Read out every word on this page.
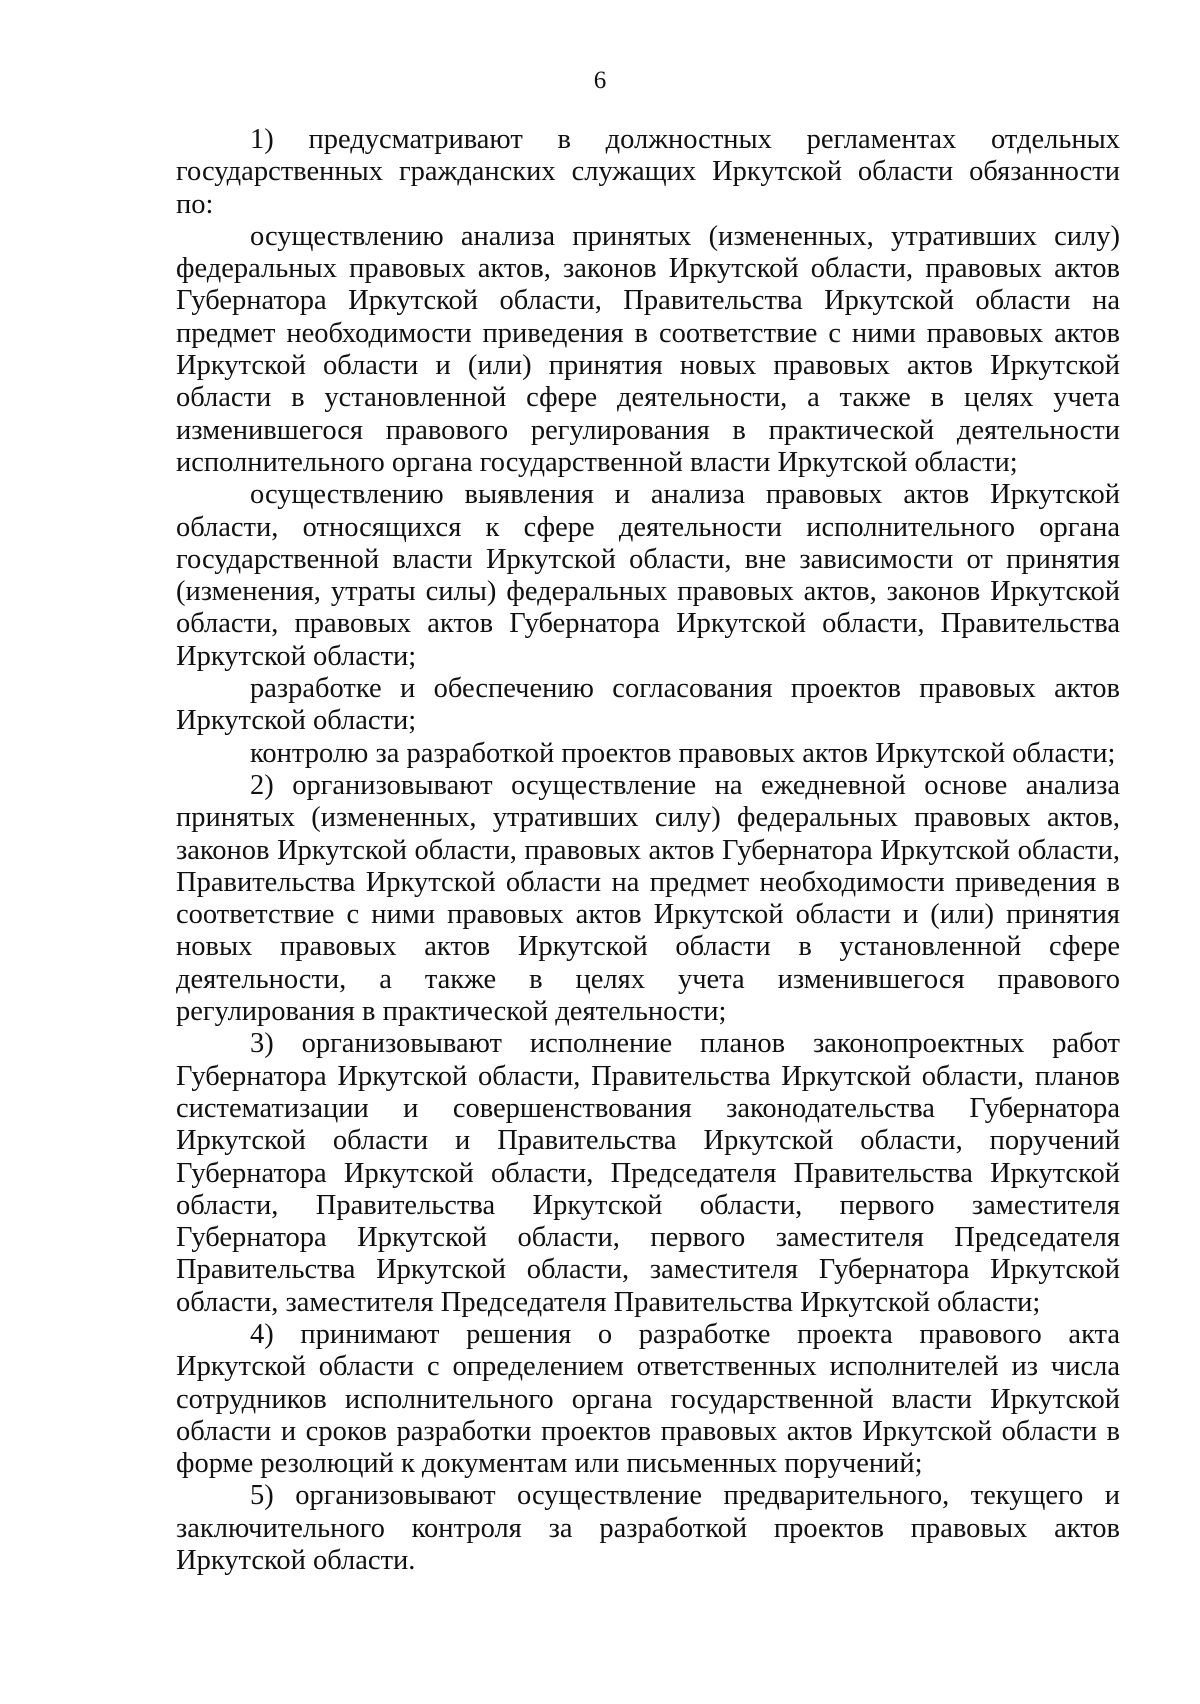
6

1) предусматривают в должностных регламентах отдельных государственных гражданских служащих Иркутской области обязанности по:

осуществлению анализа принятых (измененных, утративших силу) федеральных правовых актов, законов Иркутской области, правовых актов Губернатора Иркутской области, Правительства Иркутской области на предмет необходимости приведения в соответствие с ними правовых актов Иркутской области и (или) принятия новых правовых актов Иркутской области в установленной сфере деятельности, а также в целях учета изменившегося правового регулирования в практической деятельности исполнительного органа государственной власти Иркутской области;

осуществлению выявления и анализа правовых актов Иркутской области, относящихся к сфере деятельности исполнительного органа государственной власти Иркутской области, вне зависимости от принятия (изменения, утраты силы) федеральных правовых актов, законов Иркутской области, правовых актов Губернатора Иркутской области, Правительства Иркутской области;

разработке и обеспечению согласования проектов правовых актов Иркутской области;

контролю за разработкой проектов правовых актов Иркутской области;

2) организовывают осуществление на ежедневной основе анализа принятых (измененных, утративших силу) федеральных правовых актов, законов Иркутской области, правовых актов Губернатора Иркутской области, Правительства Иркутской области на предмет необходимости приведения в соответствие с ними правовых актов Иркутской области и (или) принятия новых правовых актов Иркутской области в установленной сфере деятельности, а также в целях учета изменившегося правового регулирования в практической деятельности;

3) организовывают исполнение планов законопроектных работ Губернатора Иркутской области, Правительства Иркутской области, планов систематизации и совершенствования законодательства Губернатора Иркутской области и Правительства Иркутской области, поручений Губернатора Иркутской области, Председателя Правительства Иркутской области, Правительства Иркутской области, первого заместителя Губернатора Иркутской области, первого заместителя Председателя Правительства Иркутской области, заместителя Губернатора Иркутской области, заместителя Председателя Правительства Иркутской области;

4) принимают решения о разработке проекта правового акта Иркутской области с определением ответственных исполнителей из числа сотрудников исполнительного органа государственной власти Иркутской области и сроков разработки проектов правовых актов Иркутской области в форме резолюций к документам или письменных поручений;

5) организовывают осуществление предварительного, текущего и заключительного контроля за разработкой проектов правовых актов Иркутской области.
